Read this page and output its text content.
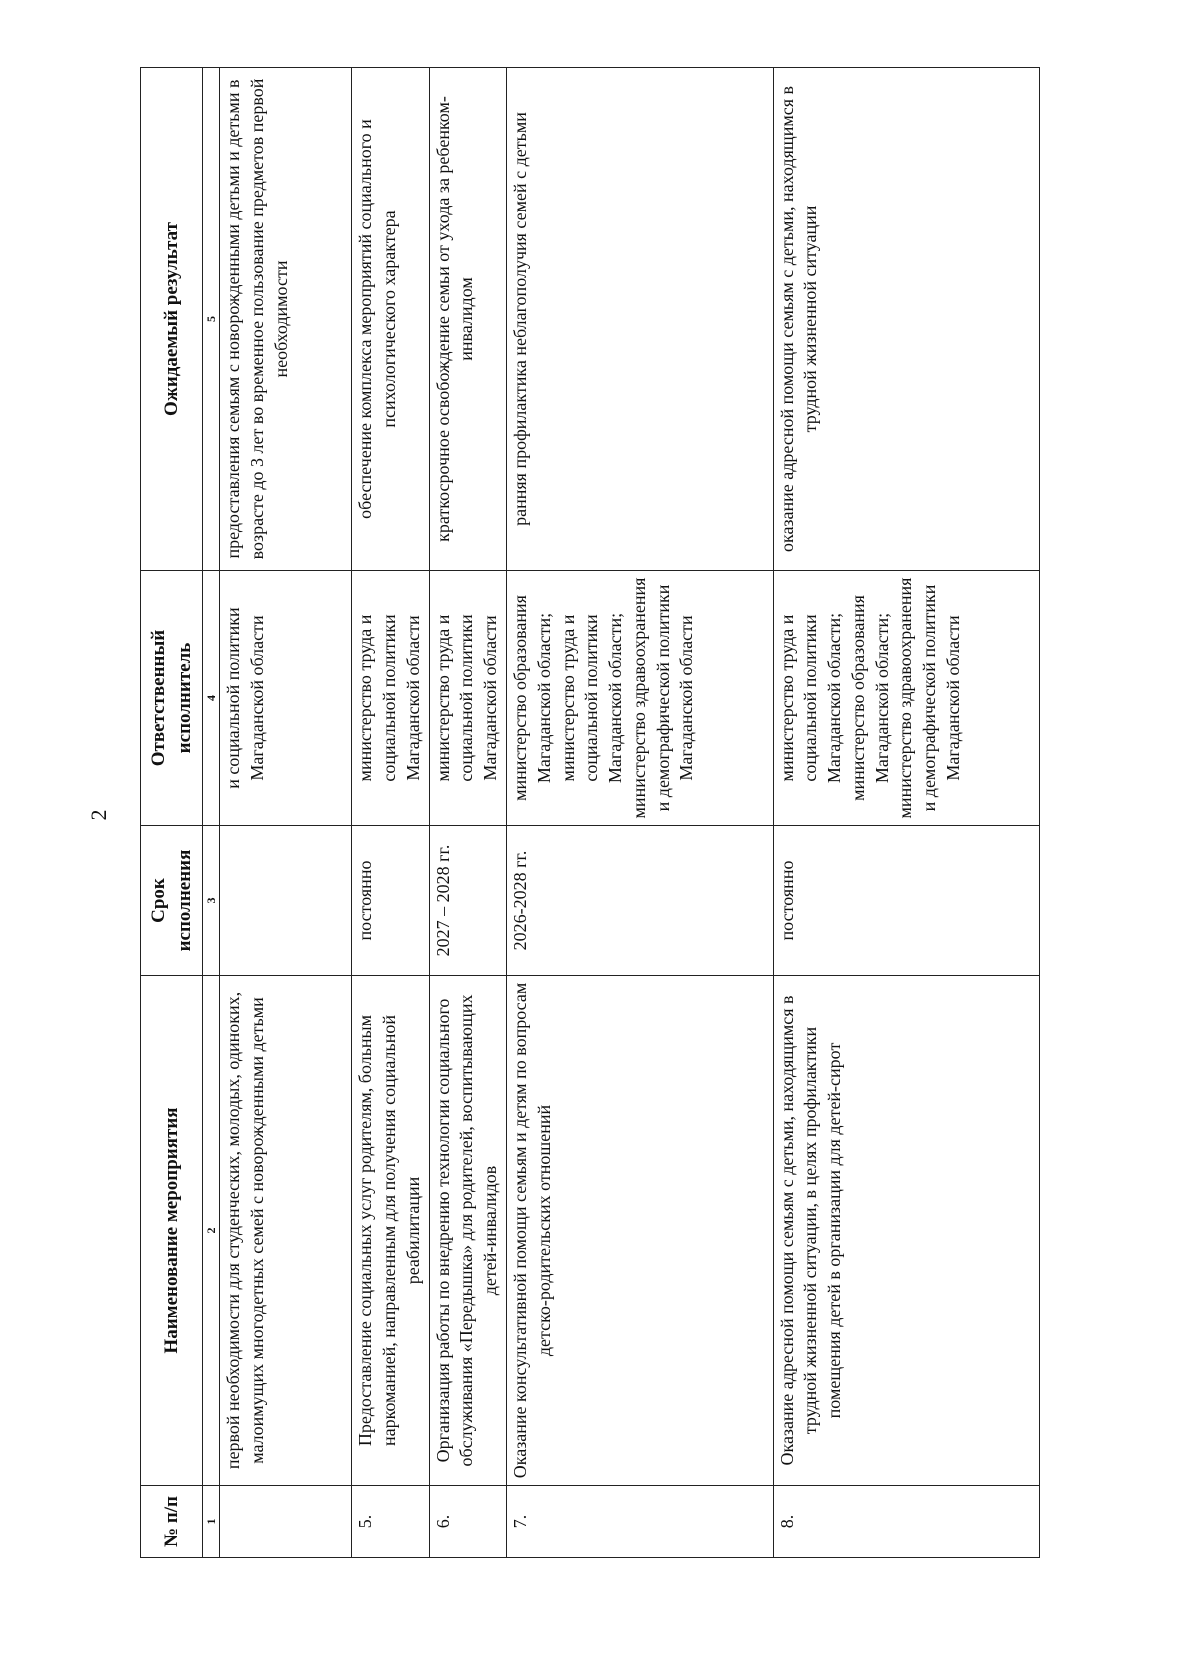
2
№ п/п	Наименование мероприятия	Срок исполнения	Ответственный исполнитель	Ожидаемый результат
1	2	3	4	5
	первой необходимости для студенческих, молодых, одиноких, малоимущих многодетных семей с новорожденными детьми		и социальной политики Магаданской области	предоставления семьям с новорожденными детьми и детьми в возрасте до 3 лет во временное пользование предметов первой необходимости
5.	Предоставление социальных услуг родителям, больным наркоманией, направленным для получения социальной реабилитации	постоянно	министерство труда и социальной политики Магаданской области	обеспечение комплекса мероприятий социального и психологического характера
6.	Организация работы по внедрению технологии социального обслуживания «Передышка» для родителей, воспитывающих детей-инвалидов	2027 – 2028 гг.	министерство труда и социальной политики Магаданской области	краткосрочное освобождение семьи от ухода за ребенком-инвалидом
7.	Оказание консультативной помощи семьям и детям по вопросам детско-родительских отношений	2026-2028 гг.	министерство образования Магаданской области; министерство труда и социальной политики Магаданской области; министерство здравоохранения и демографической политики Магаданской области	ранняя профилактика неблагополучия семей с детьми
8.	Оказание адресной помощи семьям с детьми, находящимся в трудной жизненной ситуации, в целях профилактики помещения детей в организации для детей-сирот	постоянно	министерство труда и социальной политики Магаданской области; министерство образования Магаданской области; министерство здравоохранения и демографической политики Магаданской области	оказание адресной помощи семьям с детьми, находящимся в трудной жизненной ситуации
